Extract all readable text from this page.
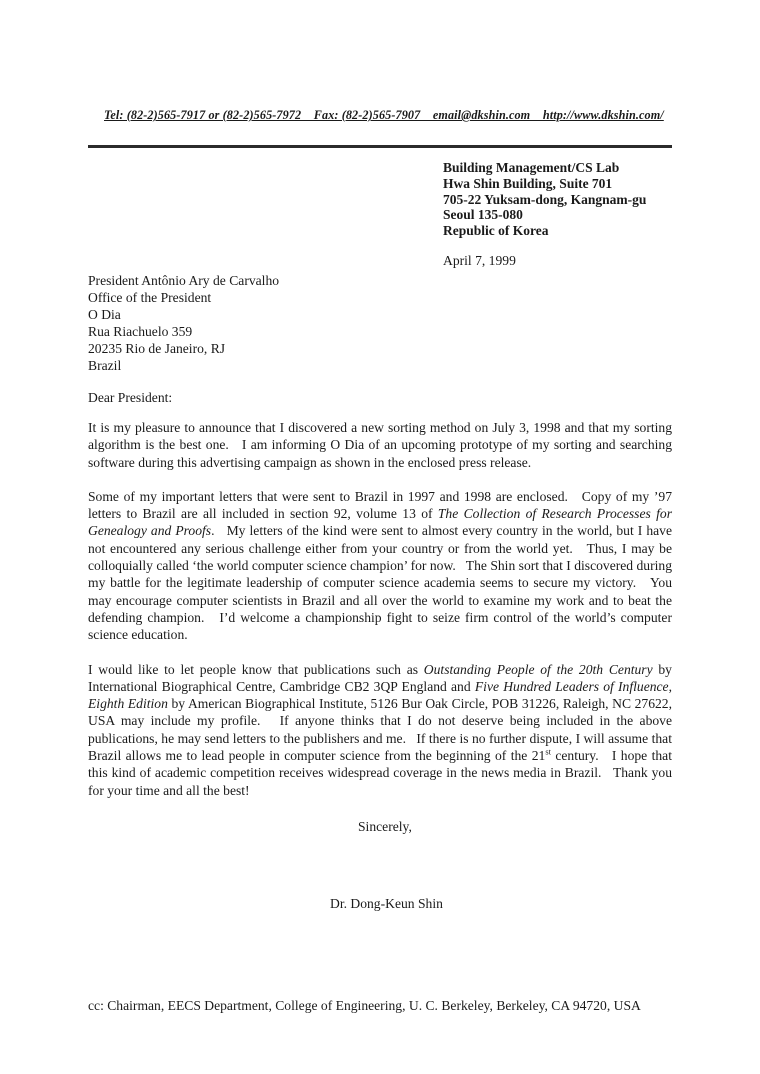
Tel: (82-2)565-7917 or (82-2)565-7972    Fax: (82-2)565-7907    email@dkshin.com    http://www.dkshin.com/

Building Management/CS Lab
Hwa Shin Building, Suite 701
705-22 Yuksam-dong, Kangnam-gu
Seoul 135-080
Republic of Korea
April 7, 1999
President Antônio Ary de Carvalho
Office of the President
O Dia
Rua Riachuelo 359
20235 Rio de Janeiro, RJ
Brazil
Dear President:

It is my pleasure to announce that I discovered a new sorting method on July 3, 1998 and that my sorting algorithm is the best one.   I am informing O Dia of an upcoming prototype of my sorting and searching software during this advertising campaign as shown in the enclosed press release.

Some of my important letters that were sent to Brazil in 1997 and 1998 are enclosed.   Copy of my ’97 letters to Brazil are all included in section 92, volume 13 of The Collection of Research Processes for Genealogy and Proofs.   My letters of the kind were sent to almost every country in the world, but I have not encountered any serious challenge either from your country or from the world yet.   Thus, I may be colloquially called ‘the world computer science champion’ for now.   The Shin sort that I discovered during my battle for the legitimate leadership of computer science academia seems to secure my victory.   You may encourage computer scientists in Brazil and all over the world to examine my work and to beat the defending champion.   I’d welcome a championship fight to seize firm control of the world’s computer science education.

I would like to let people know that publications such as Outstanding People of the 20th Century by International Biographical Centre, Cambridge CB2 3QP England and Five Hundred Leaders of Influence, Eighth Edition by American Biographical Institute, 5126 Bur Oak Circle, POB 31226, Raleigh, NC 27622, USA may include my profile.   If anyone thinks that I do not deserve being included in the above publications, he may send letters to the publishers and me.   If there is no further dispute, I will assume that Brazil allows me to lead people in computer science from the beginning of the 21st century.   I hope that this kind of academic competition receives widespread coverage in the news media in Brazil.   Thank you for your time and all the best!

Sincerely,
Dr. Dong-Keun Shin
cc: Chairman, EECS Department, College of Engineering, U. C. Berkeley, Berkeley, CA 94720, USA
